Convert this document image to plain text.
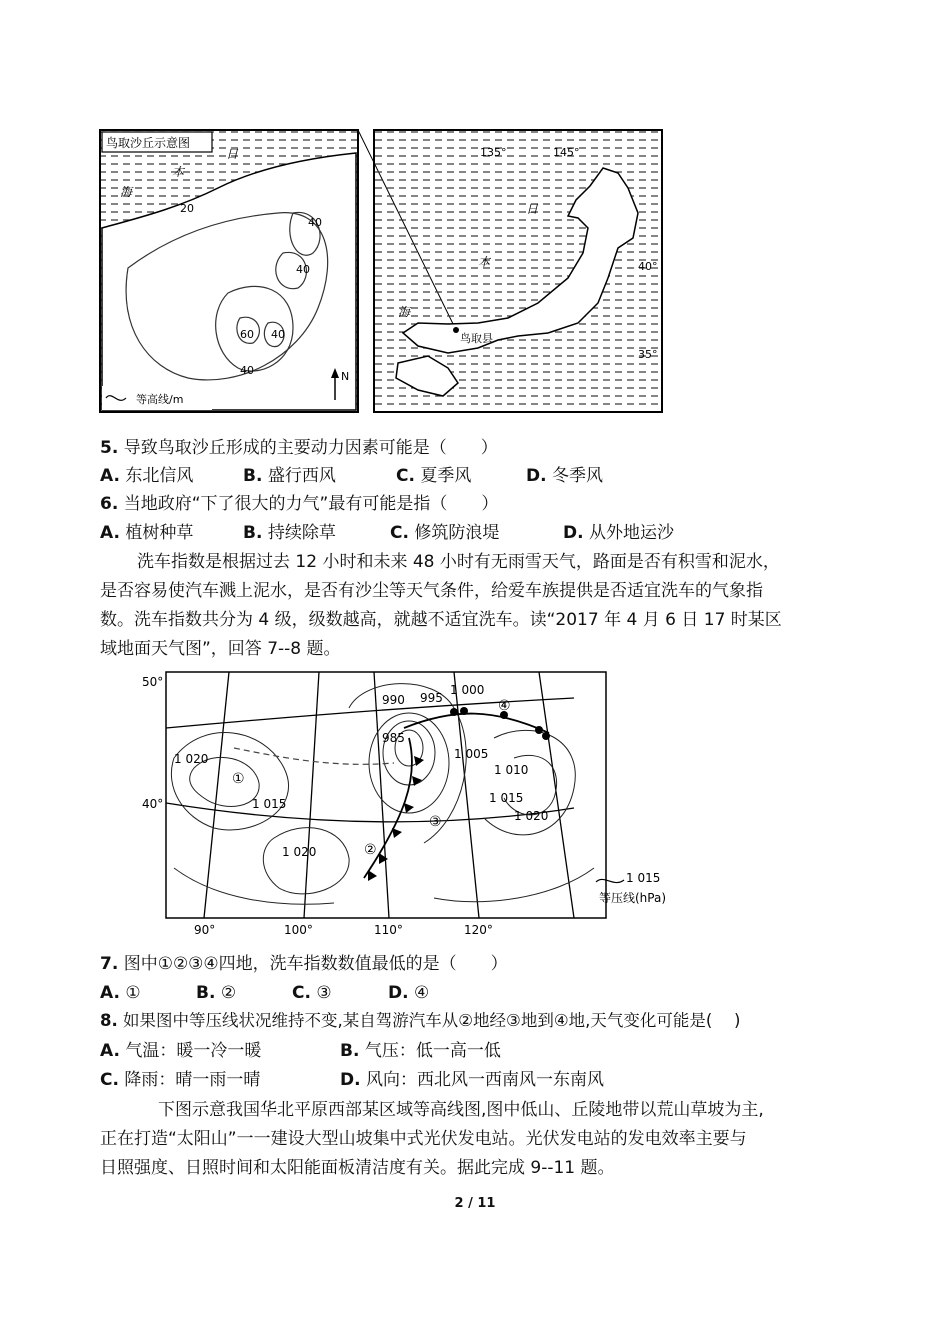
鸟取沙丘示意图
日
本
海
20
40
40
40
60
40
等高线/m
N
135°	145°
40°
35°
日
本
海
鸟取县
5. 导致鸟取沙丘形成的主要动力因素可能是（　　）
A. 东北信风	B. 盛行西风	C. 夏季风	D. 冬季风
6. 当地政府“下了很大的力气”最有可能是指（　　）
A. 植树种草	B. 持续除草	C. 修筑防浪堤	D. 从外地运沙
洗车指数是根据过去 12 小时和未来 48 小时有无雨雪天气，路面是否有积雪和泥水，
是否容易使汽车溅上泥水，是否有沙尘等天气条件，给爱车族提供是否适宜洗车的气象指
数。洗车指数共分为 4 级，级数越高，就越不适宜洗车。读“2017 年 4 月 6 日 17 时某区
域地面天气图”，回答 7--8 题。
50°
40°
90°	100°	110°	120°
990 995
1 000
985
1 005
1 010
1 015
1 020
1 020
1 015
1 020
①
②
③
④
1 015
等压线(hPa)
7. 图中①②③④四地，洗车指数数值最低的是（　　）
A. ①	B. ②	C. ③	D. ④
8. 如果图中等压线状况维持不变,某自驾游汽车从②地经③地到④地,天气变化可能是(　 )
A. 气温：暖一冷一暖	B. 气压：低一高一低
C. 降雨：晴一雨一晴	D. 风向：西北风一西南风一东南风
下图示意我国华北平原西部某区域等高线图,图中低山、丘陵地带以荒山草坡为主,
正在打造“太阳山”一一建设大型山坡集中式光伏发电站。光伏发电站的发电效率主要与
日照强度、日照时间和太阳能面板清洁度有关。据此完成 9--11 题。
2 / 11
